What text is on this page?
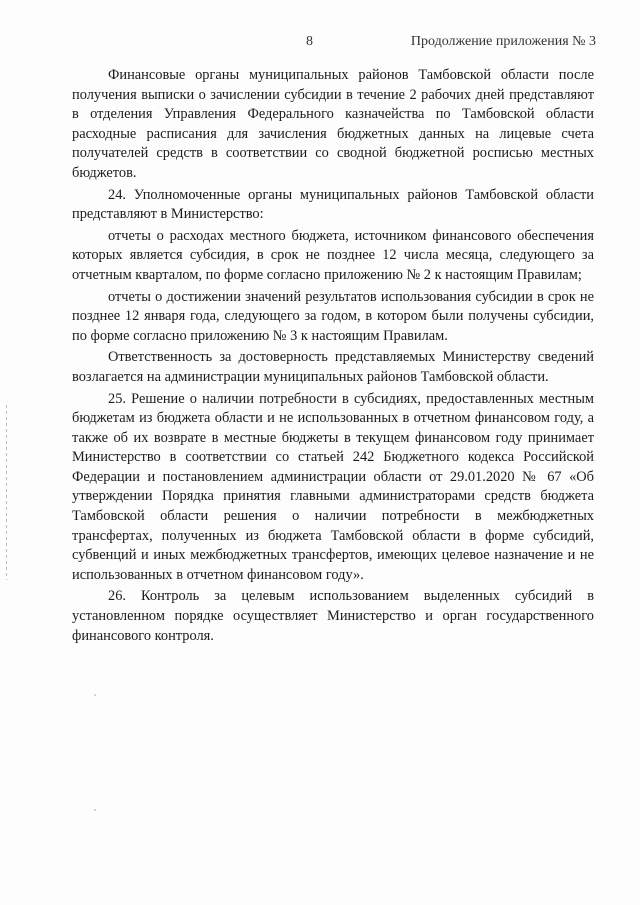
8	Продолжение приложения № 3

Финансовые органы муниципальных районов Тамбовской области после получения выписки о зачислении субсидии в течение 2 рабочих дней представляют в отделения Управления Федерального казначейства по Тамбовской области расходные расписания для зачисления бюджетных данных на лицевые счета получателей средств в соответствии со сводной бюджетной росписью местных бюджетов.

24. Уполномоченные органы муниципальных районов Тамбовской области представляют в Министерство:

отчеты о расходах местного бюджета, источником финансового обеспечения которых является субсидия, в срок не позднее 12 числа месяца, следующего за отчетным кварталом, по форме согласно приложению № 2 к настоящим Правилам;

отчеты о достижении значений результатов использования субсидии в срок не позднее 12 января года, следующего за годом, в котором были получены субсидии, по форме согласно приложению № 3 к настоящим Правилам.

Ответственность за достоверность представляемых Министерству сведений возлагается на администрации муниципальных районов Тамбовской области.

25. Решение о наличии потребности в субсидиях, предоставленных местным бюджетам из бюджета области и не использованных в отчетном финансовом году, а также об их возврате в местные бюджеты в текущем финансовом году принимает Министерство в соответствии со статьей 242 Бюджетного кодекса Российской Федерации и постановлением администрации области от 29.01.2020 № 67 «Об утверждении Порядка принятия главными администраторами средств бюджета Тамбовской области решения о наличии потребности в межбюджетных трансфертах, полученных из бюджета Тамбовской области в форме субсидий, субвенций и иных межбюджетных трансфертов, имеющих целевое назначение и не использованных в отчетном финансовом году».

26. Контроль за целевым использованием выделенных субсидий в установленном порядке осуществляет Министерство и орган государственного финансового контроля.
